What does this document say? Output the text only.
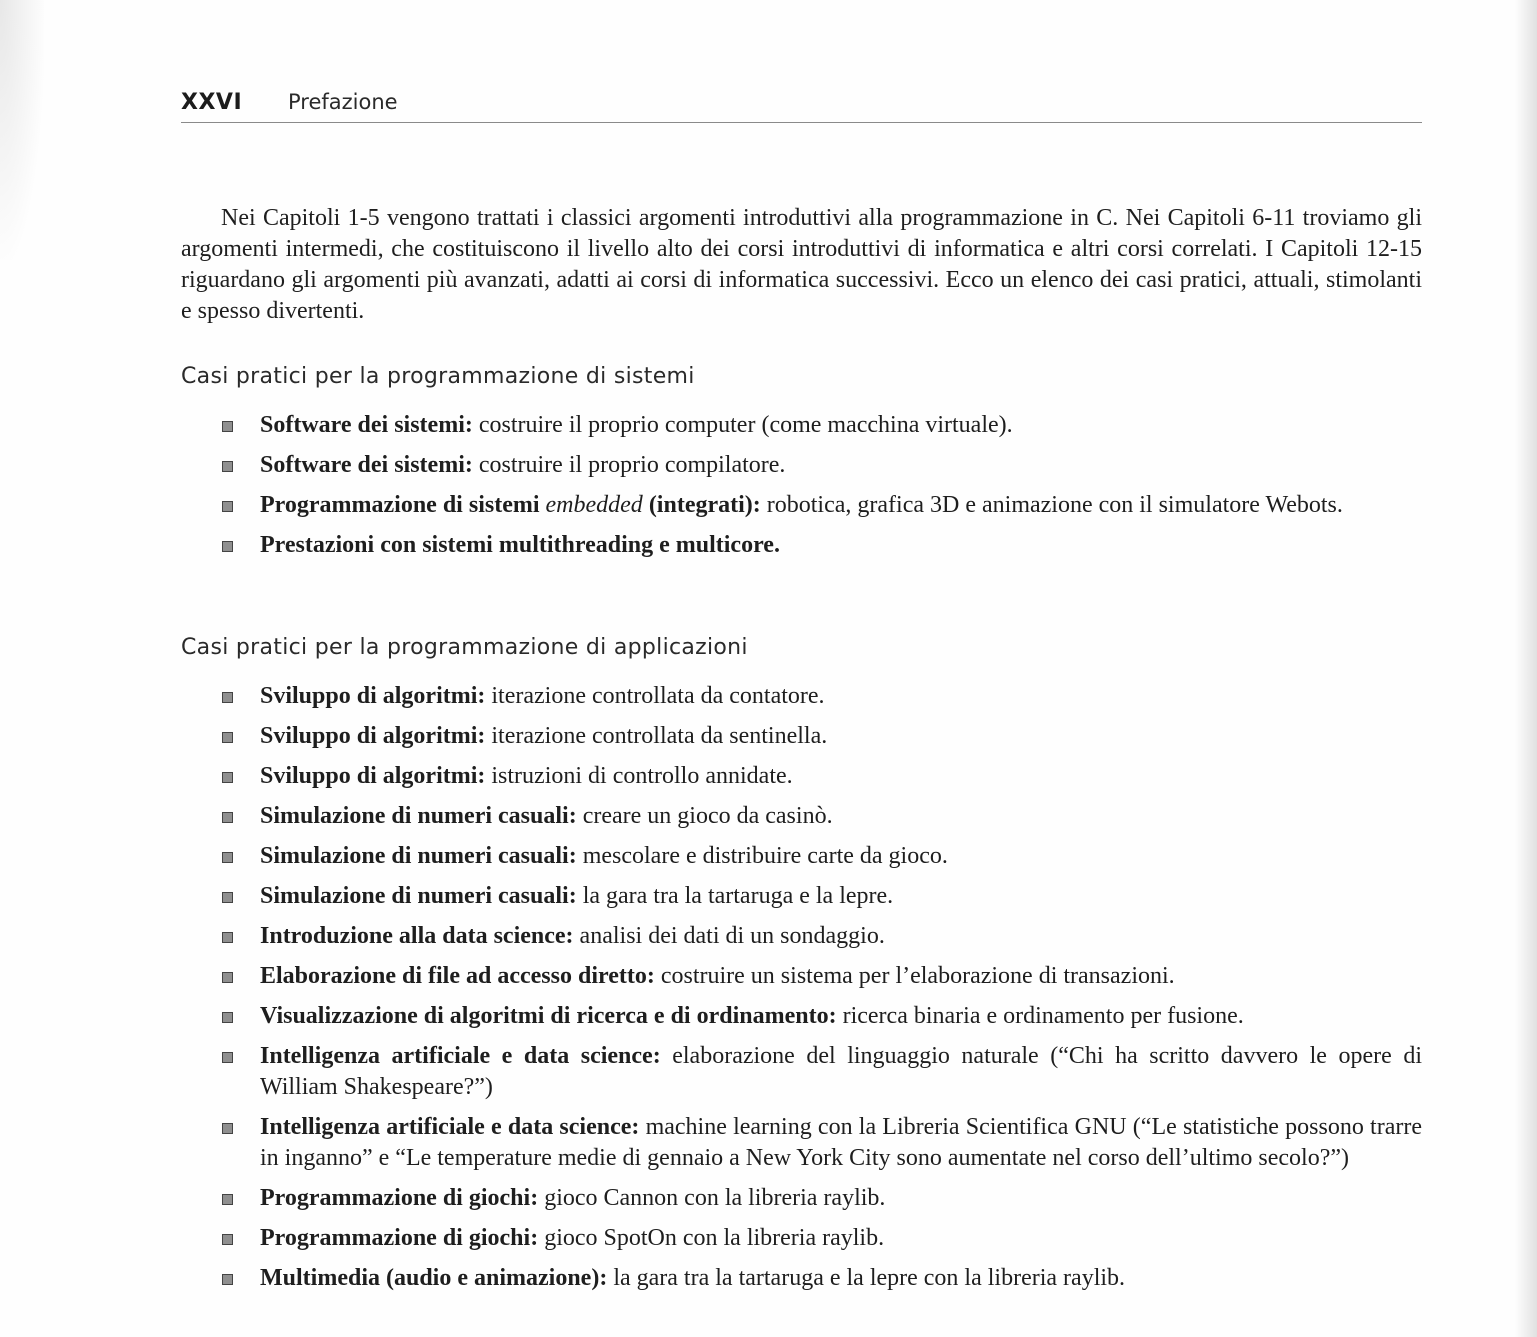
XXVI Prefazione

Nei Capitoli 1-5 vengono trattati i classici argomenti introduttivi alla programmazione in C. Nei Capitoli 6-11 troviamo gli argomenti intermedi, che costituiscono il livello alto dei corsi introduttivi di informatica e altri corsi correlati. I Capitoli 12-15 riguardano gli argomenti più avanzati, adatti ai corsi di informatica successivi. Ecco un elenco dei casi pratici, attuali, stimolanti e spesso divertenti.

Casi pratici per la programmazione di sistemi
Software dei sistemi: costruire il proprio computer (come macchina virtuale).
Software dei sistemi: costruire il proprio compilatore.
Programmazione di sistemi embedded (integrati): robotica, grafica 3D e animazione con il simulatore Webots.
Prestazioni con sistemi multithreading e multicore.
Casi pratici per la programmazione di applicazioni
Sviluppo di algoritmi: iterazione controllata da contatore.
Sviluppo di algoritmi: iterazione controllata da sentinella.
Sviluppo di algoritmi: istruzioni di controllo annidate.
Simulazione di numeri casuali: creare un gioco da casinò.
Simulazione di numeri casuali: mescolare e distribuire carte da gioco.
Simulazione di numeri casuali: la gara tra la tartaruga e la lepre.
Introduzione alla data science: analisi dei dati di un sondaggio.
Elaborazione di file ad accesso diretto: costruire un sistema per l’elaborazione di transazioni.
Visualizzazione di algoritmi di ricerca e di ordinamento: ricerca binaria e ordinamento per fusione.
Intelligenza artificiale e data science: elaborazione del linguaggio naturale (“Chi ha scritto davvero le opere di William Shakespeare?”)
Intelligenza artificiale e data science: machine learning con la Libreria Scientifica GNU (“Le statistiche possono trarre in inganno” e “Le temperature medie di gennaio a New York City sono aumentate nel corso dell’ultimo secolo?”)
Programmazione di giochi: gioco Cannon con la libreria raylib.
Programmazione di giochi: gioco SpotOn con la libreria raylib.
Multimedia (audio e animazione): la gara tra la tartaruga e la lepre con la libreria raylib.
